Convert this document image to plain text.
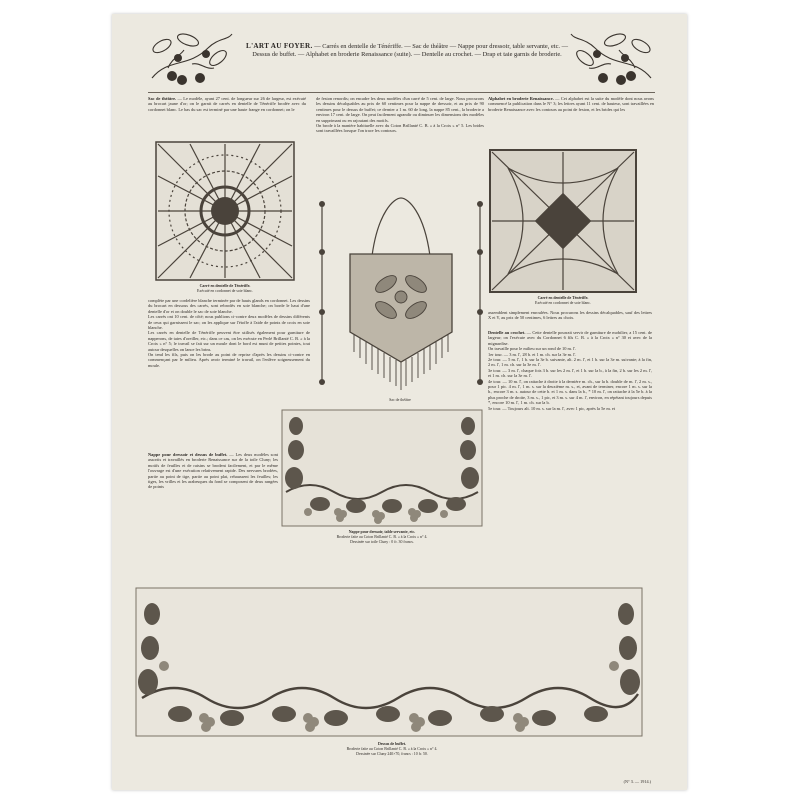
L'ART AU FOYER. — Carrés en dentelle de Ténériffe. — Sac de théâtre — Nappe pour dressoir, table servante, etc. — Dessus de buffet. — Alphabet en broderie Renaissance (suite). — Dentelle au crochet. — Drap et taie garnis de broderie.

Sac de théâtre. — Le modèle, ayant 27 cent. de longueur sur 26 de largeur, est exécuté au brocart jaune d'or; on le garnit de carrés en dentelle de Ténériffe brodée avec du cordonnet blanc. Le bas du sac est terminé par une haute frange en cordonnet; on le

de feston renordis; on encadre les deux modèles d'un carré de 5 cent. de large. Nous procurons les dessins décalquables au prix de 60 centimes pour la nappe de dressoir, et au prix de 90 centimes pour le dessus de buffet; ce dernier a 1 m. 60 de long, la nappe 85 cent., la broderie a environ 17 cent. de large. On peut facilement agrandir ou diminuer les dimensions des modèles en supprimant ou en rajoutant des motifs.
On brode à la manière habituelle avec du Coton Brillanté C. B. « à la Croix » n° 5. Les brides sont travaillées lorsque l'on trace les contours.

Alphabet en broderie Renaissance. — Cet alphabet est la suite du modèle dont nous avons commencé la publication dans le N° 3; les lettres ayant 11 cent. de hauteur, sont travaillées en broderie Renaissance avec les contours au point de feston, et les brides qui les

Carré en dentelle de Ténériffe.
Exécuté en cordonnet de soie blanc.
Sac de théâtre
Carré en dentelle de Ténériffe.
Exécuté en cordonnet de soie blanc.

complète par une cordelière blanche terminée par de hauts glands en cordonnet. Les dessins du brocart en dessous des carrés, sont rebrodés en soie blanche; on borde le haut d'une dentelle d'or et on double le sac de soie blanche.
Les carrés ont 10 cent. de côté; nous publions ci-contre deux modèles de dessins différents de ceux qui garnissent le sac; on les applique sur l'étoffe à l'aide de points de croix en soie blanche.
Les carrés en dentelle de Ténériffe peuvent être utilisés également pour garniture de napperons, de taies d'oreiller, etc.; dans ce cas, on les exécute en Perlé Brillanté C. B. « à la Croix » n° 5; le travail se fait sur un moule dont le bord est muni de petites pointes, tout autour desquelles on lance les brins.
On tend les fils, puis on les brode au point de reprise d'après les dessins ci-contre en commençant par le milieu. Après avoir terminé le travail, on l'enlève soigneusement du moule.

assemblent simplement enroulées. Nous procurons les dessins décalquables, sauf des lettres X et Y, au prix de 50 centimes, 6 lettres au choix.

Dentelle au crochet. — Cette dentelle pourrait servir de garniture de mobilier, a 15 cent. de largeur; on l'exécute avec du Cordonnet 6 fils C. B. « à la Croix » n° 30 et avec de la mignardise.
On travaille pour le milieu sur un rond de 10 m. l'.
1er tour. — 3 m. l', 28 b. et 1 m. ch. sur la 3e m. l'.
2e tour. — 5 m. l', 1 b. sur la 3e b. suivante, alt. 2 m. l', et 1 b. sur la 3e m. suivante; à la fin, 2 m. l', 1 m. ch. sur la 3e m. l'.
3e tour. — 3 m. l', chaque fois 3 b. sur les 2 m. l', et 1 b. sur la b., à la fin, 2 b. sur les 2 m. l', et 1 m. ch. sur la 3e m. l'.
4e tour. — 10 m. l', on rattache à droite à la dernière m. ch., sur la b. double de m. l', 2 m. s., pour 1 pic. 4 m. l', 1 m. s. sur la deuxième m. s., et, avant de terminer, encore 1 m. s. sur la b., encore 3 m. s. autour de cette b. et 1 m. s. dans la b., * 10 m. l', on rattache à la 5e b. à la plus proche de droite, 3 m. s., 1 pic, et 3 m. s. sur 4 m. l', environ, en répétant toujours depuis *, encore 10 m. l', 1 m. ch. sur la b.
5e tour. — Toujours alt. 10 m. s. sur la m. l', avec 1 pic, après la 5e m. et

Nappe pour dressoir et dessus de buffet. — Les deux modèles sont assortis et travaillés en broderie Renaissance sur de la toile Cluny; les motifs de feuilles et de raisins se brodent facilement, et par le même l'ouvrage est d'une exécution relativement rapide. Des nervures brodées, partie au point de tige, partie au point plat, rehaussent les feuilles; les tiges, les vrilles et les arabesques du fond se composent de deux rangées de points

Nappe pour dressoir, table servante, etc.
Broderie faite au Coton Brillanté C. B. « à la Croix » n° 4.
Dessinée sur toile Cluny : 0 fr. 30 francs.
Dessus de buffet.
Broderie faite au Coton Brillanté C. B. « à la Croix » n° 4.
Dessinée sur Cluny 240×70, francs : 10 fr. 50.
(N° 3. — 1914.)
